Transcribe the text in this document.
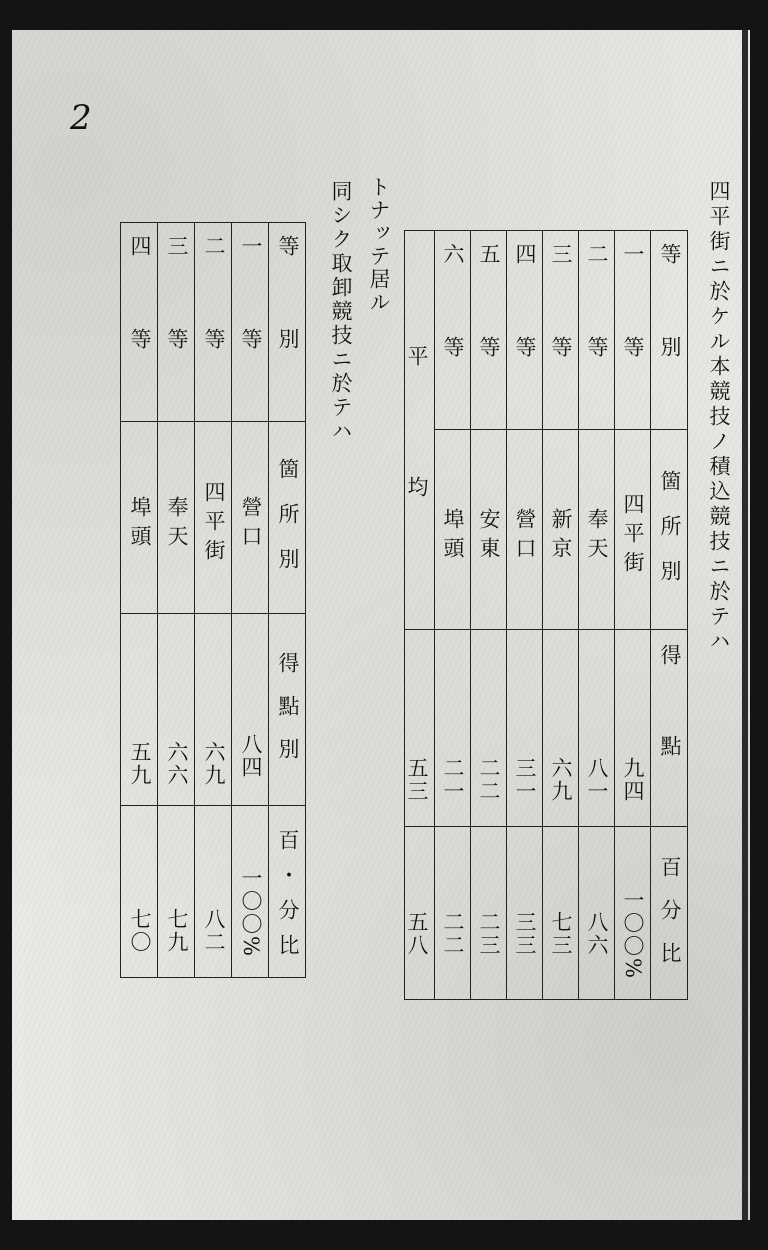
2
四平街ニ於ケル本競技ノ積込競技ニ於テハ
トナッテ居ル
同シク取卸競技ニ於テハ
平均	六等	五等	四等	三等	二等	一等	等別
	埠頭	安東	營口	新京	奉天	四平街	箇所別
五三	二一	二二	三一	六九	八一	九四	得點
五八	二二	二三	三三	七三	八六	一〇〇%	百分比
四等	三等	二等	一等	等別
埠頭	奉天	四平街	營口	箇所別
五九	六六	六九	八四	得點別
七〇	七九	八二	一〇〇%	百・分比
